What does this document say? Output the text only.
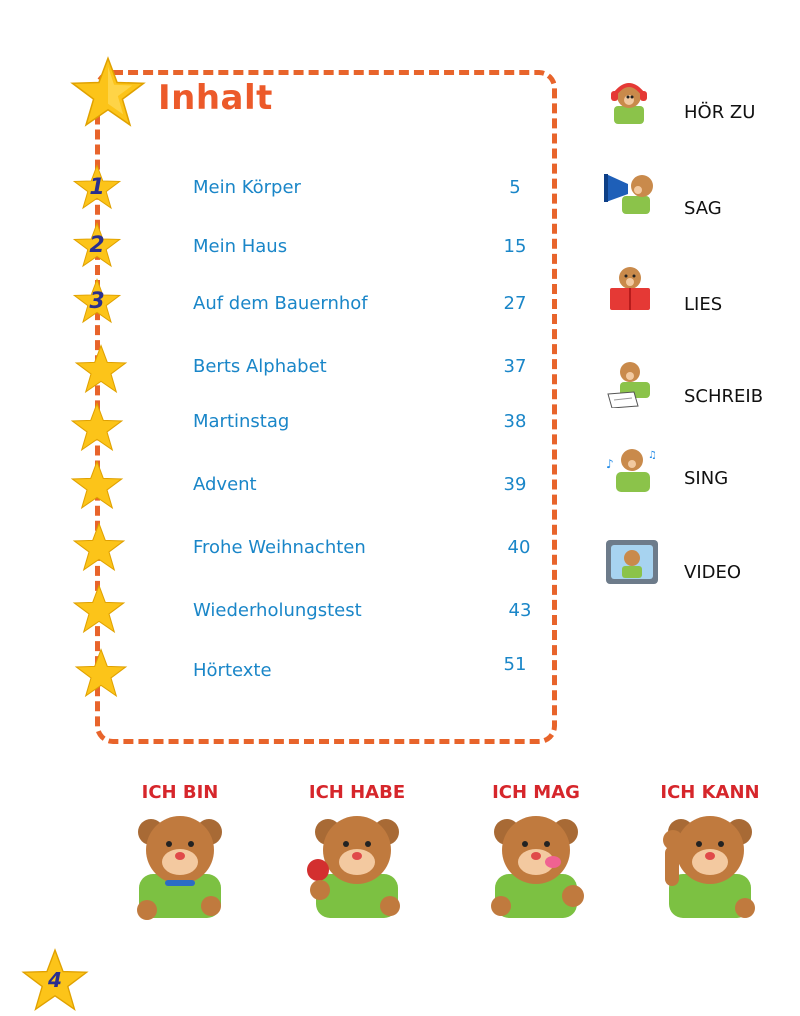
Inhalt
1	Mein Körper	5
2	Mein Haus	15
3	Auf dem Bauernhof	27
Berts Alphabet	37
Martinstag	38
Advent	39
Frohe Weihnachten	40
Wiederholungstest	43
Hörtexte	51
HÖR ZU
SAG
LIES
SCHREIB
♪
♫
SING
VIDEO
ICH BIN	ICH HABE	ICH MAG	ICH KANN
4
